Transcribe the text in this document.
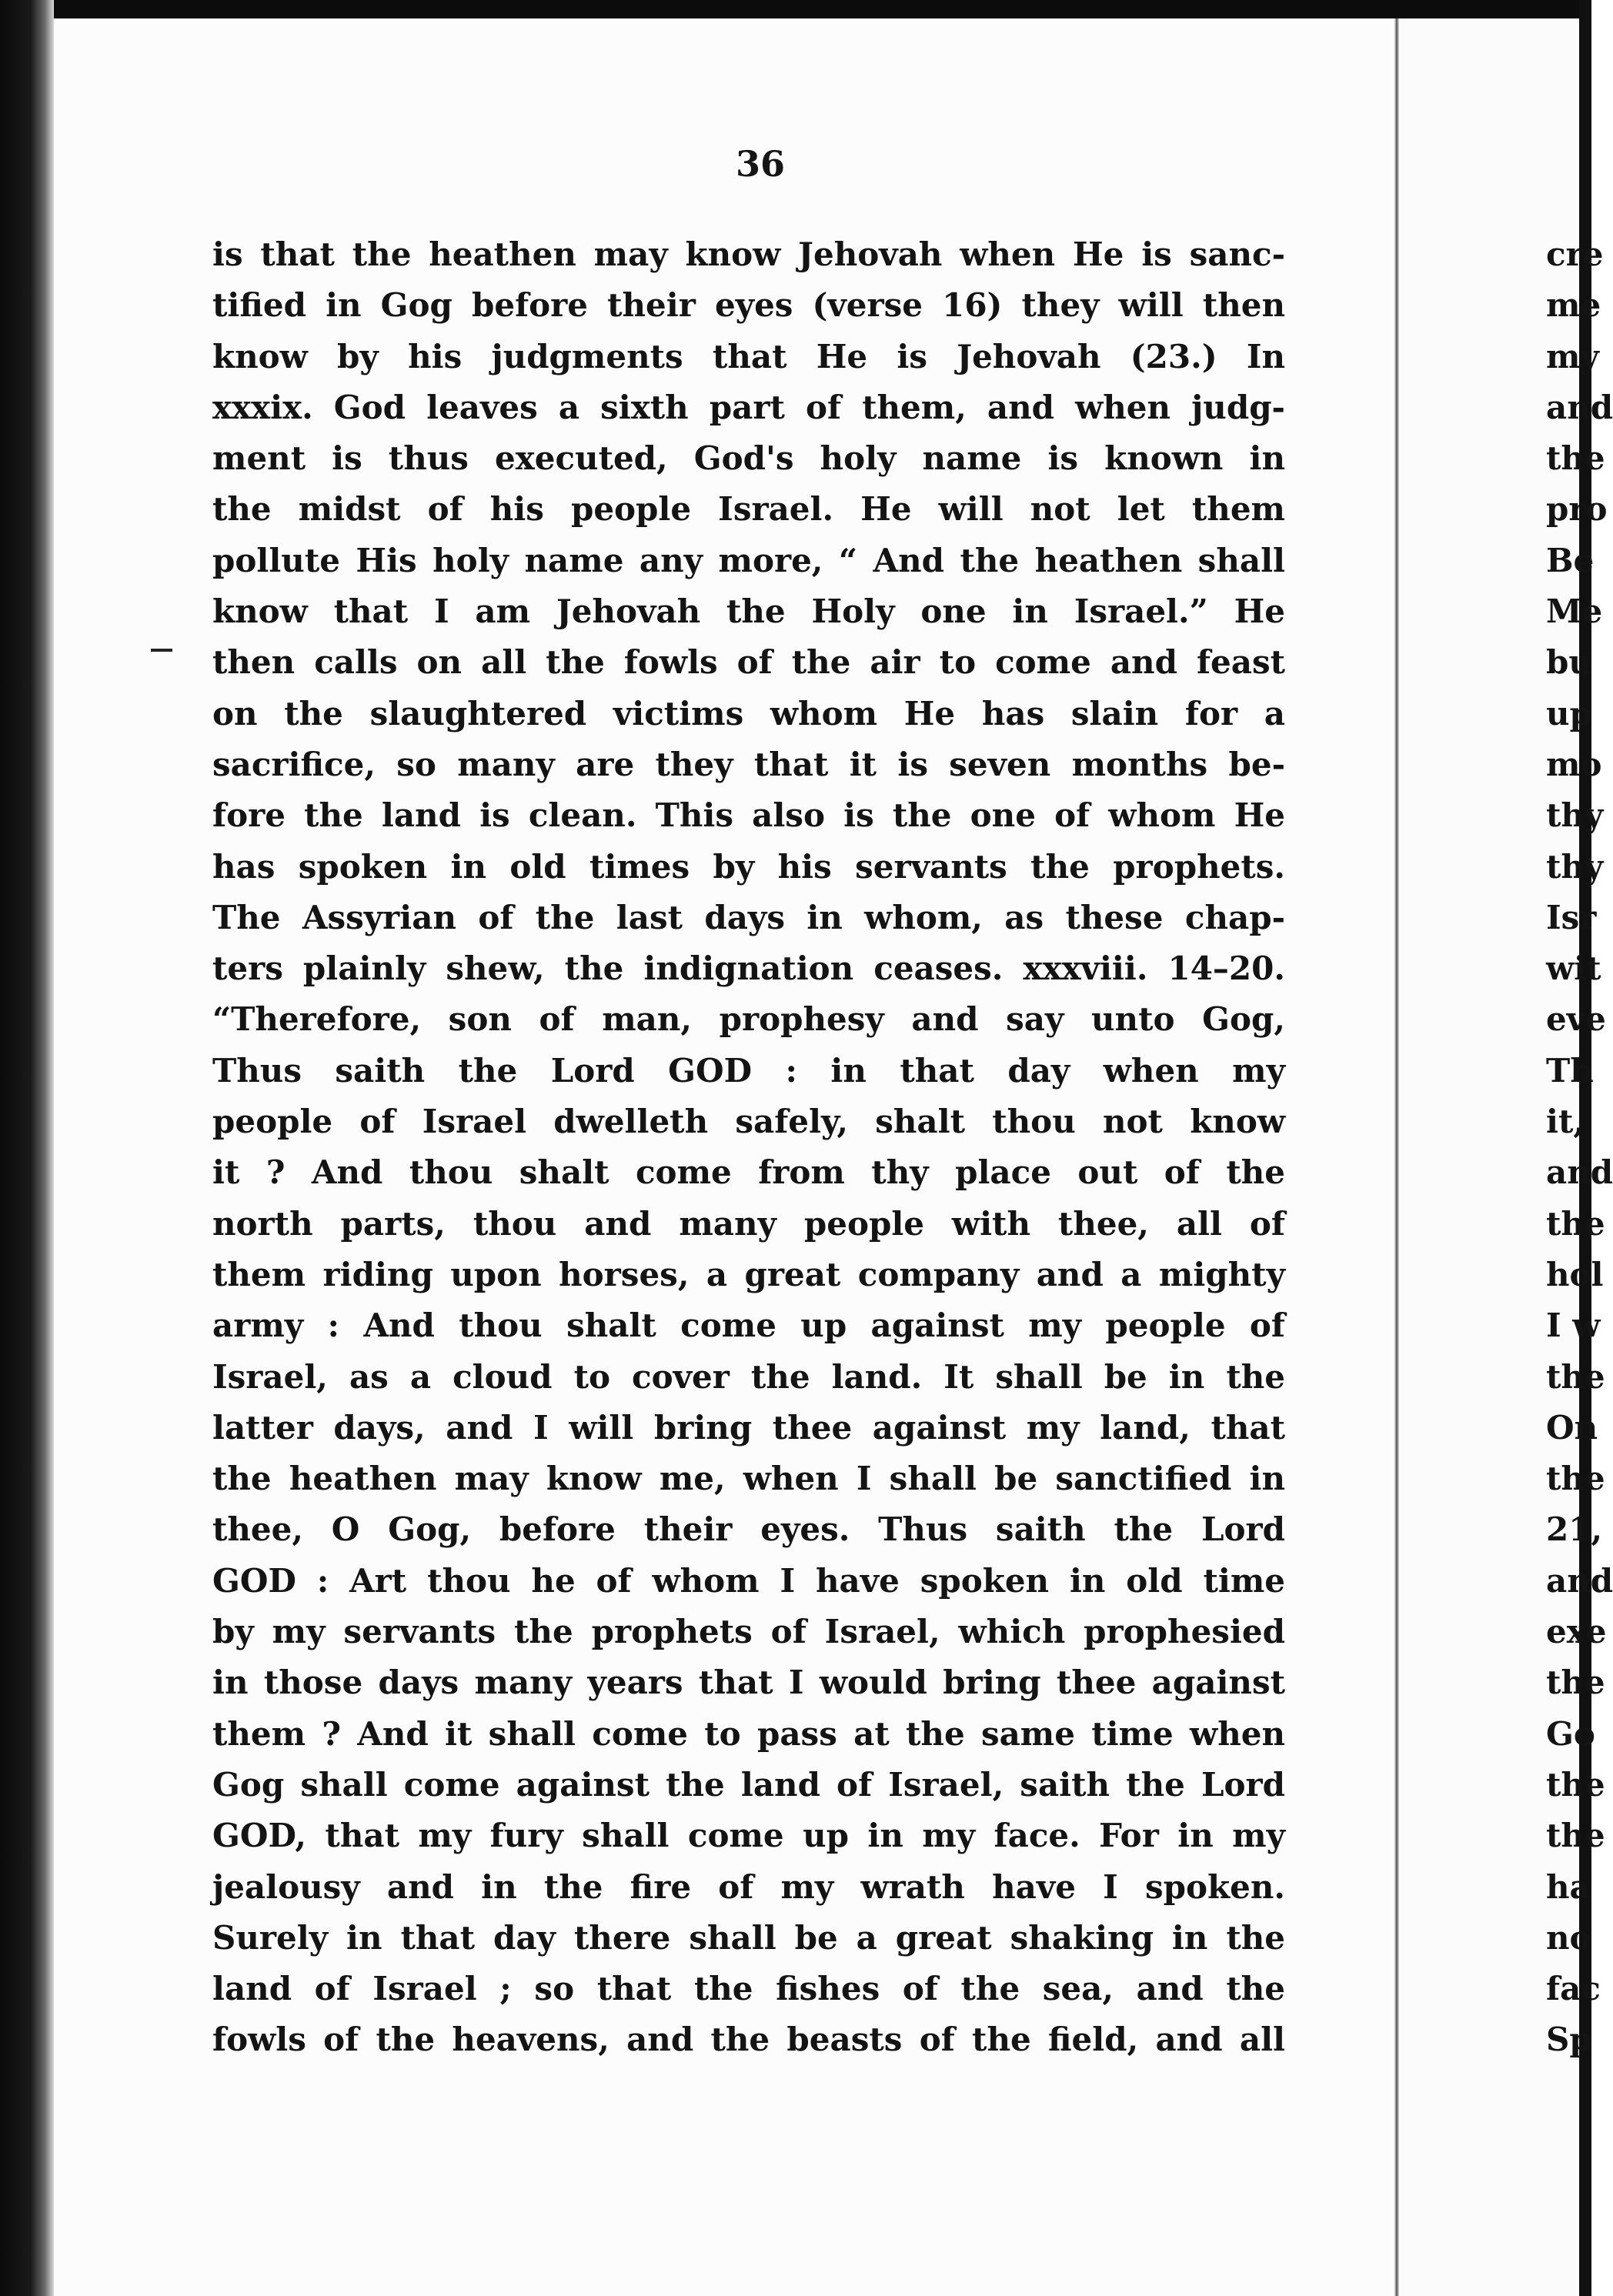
36
is that the heathen may know Jehovah when He is sanc-
tified in Gog before their eyes (verse 16) they will then
know by his judgments that He is Jehovah (23.) In
xxxix. God leaves a sixth part of them, and when judg-
ment is thus executed, God's holy name is known in
the midst of his people Israel. He will not let them
pollute His holy name any more, “ And the heathen shall
know that I am Jehovah the Holy one in Israel.” He
then calls on all the fowls of the air to come and feast
on the slaughtered victims whom He has slain for a
sacrifice, so many are they that it is seven months be-
fore the land is clean. This also is the one of whom He
has spoken in old times by his servants the prophets.
The Assyrian of the last days in whom, as these chap-
ters plainly shew, the indignation ceases. xxxviii. 14–20.
“Therefore, son of man, prophesy and say unto Gog,
Thus saith the Lord GOD : in that day when my
people of Israel dwelleth safely, shalt thou not know
it ? And thou shalt come from thy place out of the
north parts, thou and many people with thee, all of
them riding upon horses, a great company and a mighty
army : And thou shalt come up against my people of
Israel, as a cloud to cover the land. It shall be in the
latter days, and I will bring thee against my land, that
the heathen may know me, when I shall be sanctified in
thee, O Gog, before their eyes. Thus saith the Lord
GOD : Art thou he of whom I have spoken in old time
by my servants the prophets of Israel, which prophesied
in those days many years that I would bring thee against
them ? And it shall come to pass at the same time when
Gog shall come against the land of Israel, saith the Lord
GOD, that my fury shall come up in my face. For in my
jealousy and in the fire of my wrath have I spoken.
Surely in that day there shall be a great shaking in the
land of Israel ; so that the fishes of the sea, and the
fowls of the heavens, and the beasts of the field, and all
cre
me
my
and
the
pro
Be
Me
bu
up
mo
thy
thy
Isr
wit
eve
Th
it,
and
the
hol
I w
the
On
the
21,
and
exe
the
Go
the
the
ha
no
fac
Sp
